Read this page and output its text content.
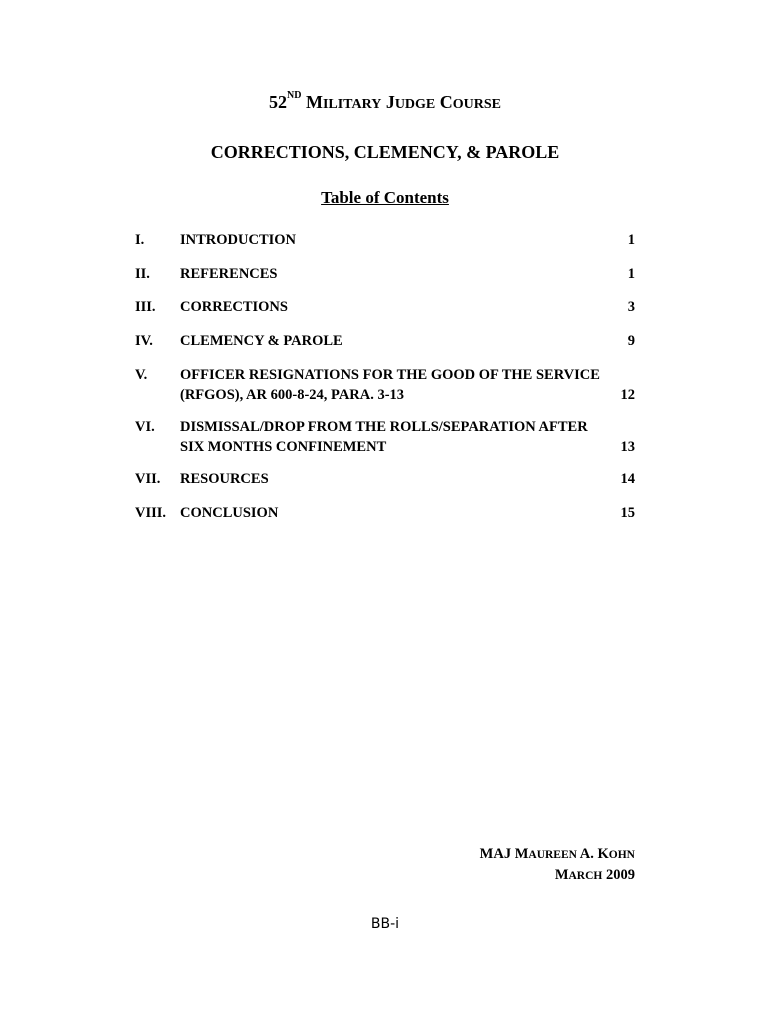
52ND MILITARY JUDGE COURSE
CORRECTIONS, CLEMENCY, & PAROLE
Table of Contents
I. INTRODUCTION	1
II. REFERENCES	1
III. CORRECTIONS	3
IV. CLEMENCY & PAROLE	9
V. OFFICER RESIGNATIONS FOR THE GOOD OF THE SERVICE
(RFGOS), AR 600-8-24, PARA. 3-13	12
VI. DISMISSAL/DROP FROM THE ROLLS/SEPARATION AFTER
SIX MONTHS CONFINEMENT	13
VII. RESOURCES	14
VIII. CONCLUSION	15
MAJ MAUREEN A. KOHN
MARCH 2009
BB-i
